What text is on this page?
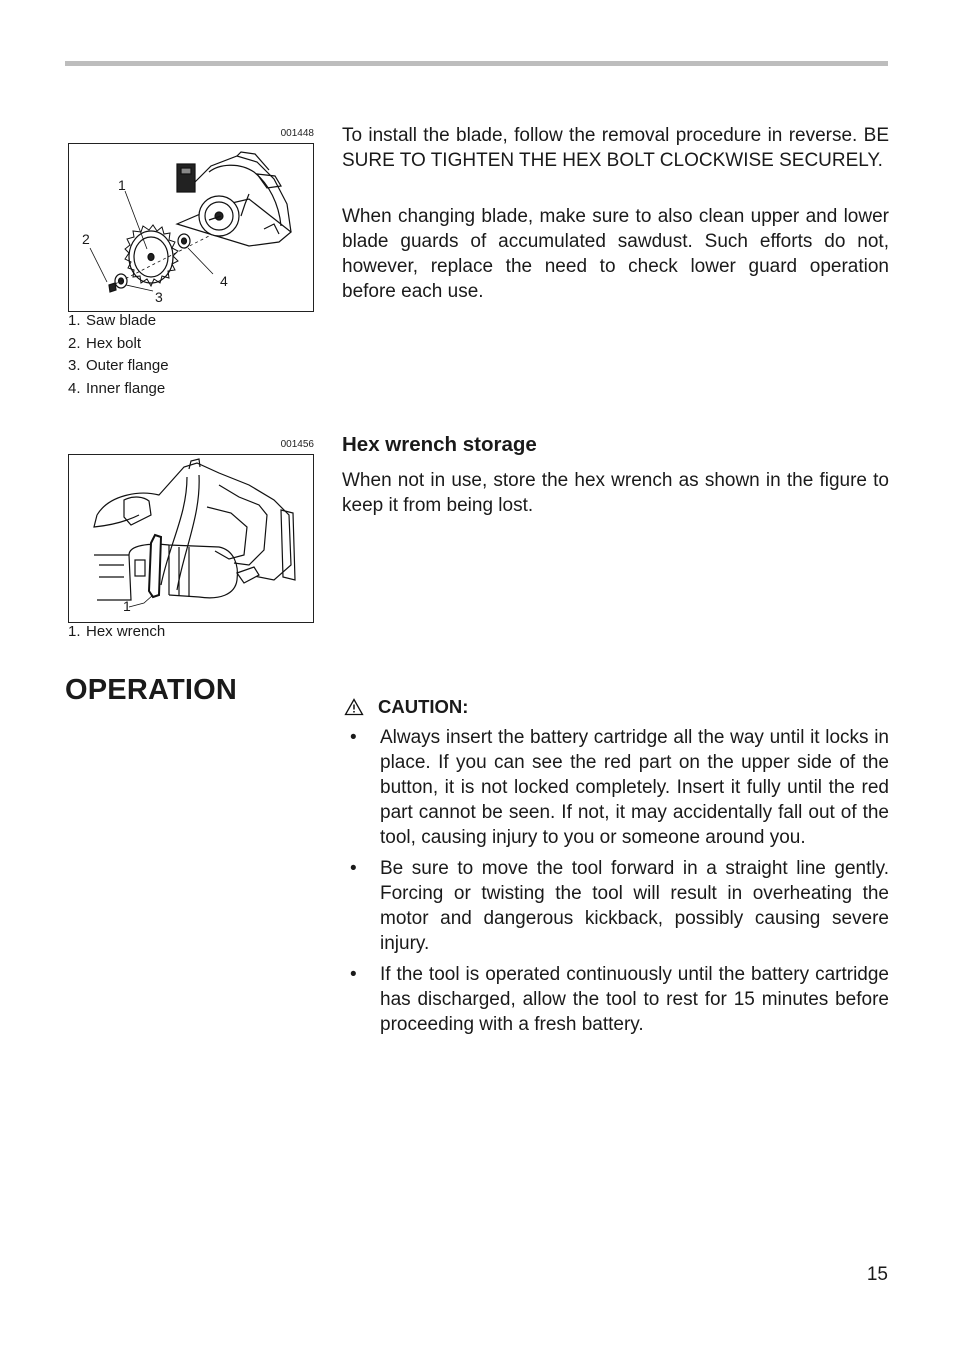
001448
1
2
3
4
1. Saw blade
2. Hex bolt
3. Outer flange
4. Inner flange

To install the blade, follow the removal procedure in reverse. BE SURE TO TIGHTEN THE HEX BOLT CLOCKWISE SECURELY.

When changing blade, make sure to also clean upper and lower blade guards of accumulated sawdust. Such efforts do not, however, replace the need to check lower guard operation before each use.

001456
1
1. Hex wrench
Hex wrench storage

When not in use, store the hex wrench as shown in the figure to keep it from being lost.

OPERATION
CAUTION:
• Always insert the battery cartridge all the way until it locks in place. If you can see the red part on the upper side of the button, it is not locked completely. Insert it fully until the red part cannot be seen. If not, it may accidentally fall out of the tool, causing injury to you or someone around you.
• Be sure to move the tool forward in a straight line gently. Forcing or twisting the tool will result in overheating the motor and dangerous kickback, possibly causing severe injury.
• If the tool is operated continuously until the battery cartridge has discharged, allow the tool to rest for 15 minutes before proceeding with a fresh battery.
15
